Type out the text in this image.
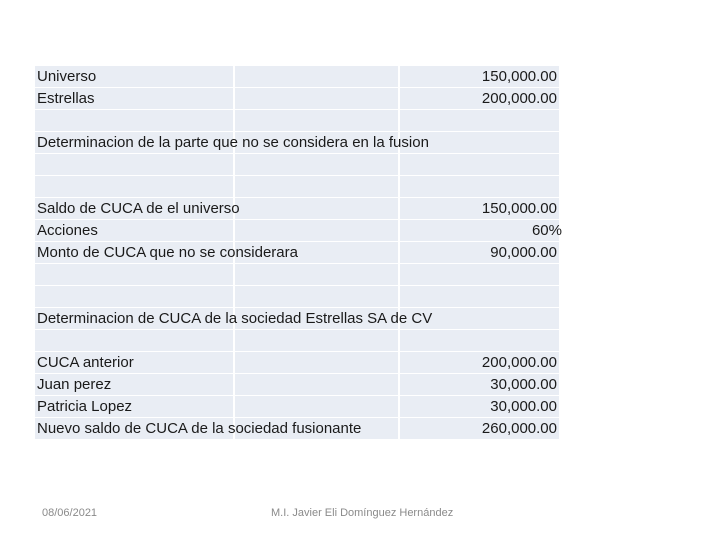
Universo	150,000.00
Estrellas	200,000.00
Determinacion de la parte que no se considera en la fusion
Saldo de CUCA de el universo	150,000.00
Acciones	60%
Monto de CUCA que no se considerara	90,000.00
Determinacion de CUCA de la sociedad Estrellas SA de CV
CUCA anterior	200,000.00
Juan perez	30,000.00
Patricia Lopez	30,000.00
Nuevo saldo de CUCA de la sociedad fusionante	260,000.00
08/06/2021	M.I. Javier Eli Domínguez Hernández
